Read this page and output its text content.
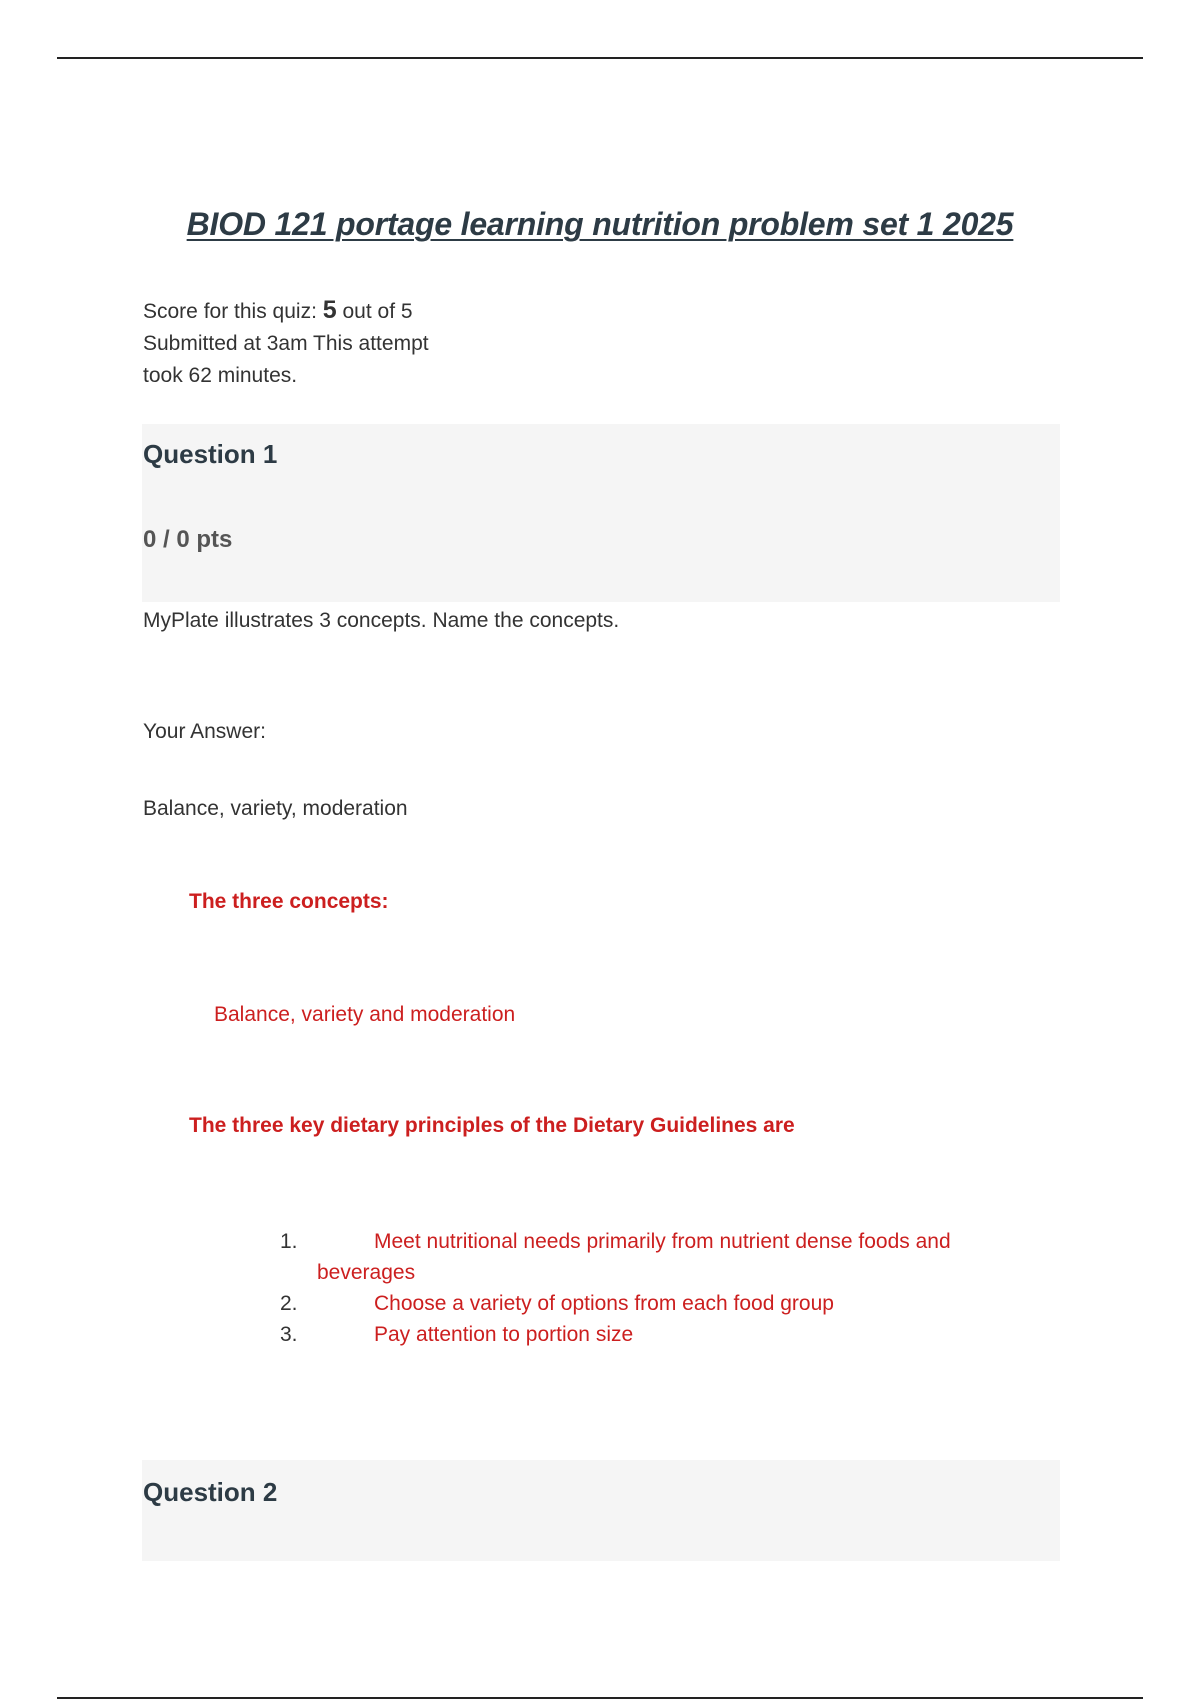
BIOD 121 portage learning nutrition problem set 1 2025
Score for this quiz: 5 out of 5
Submitted at 3am This attempt
took 62 minutes.
Question 1
0 / 0 pts
MyPlate illustrates 3 concepts. Name the concepts.
Your Answer:
Balance, variety, moderation
The three concepts:
Balance, variety and moderation
The three key dietary principles of the Dietary Guidelines are
1.	Meet nutritional needs primarily from nutrient dense foods and beverages
2.	Choose a variety of options from each food group
3.	Pay attention to portion size
Question 2
